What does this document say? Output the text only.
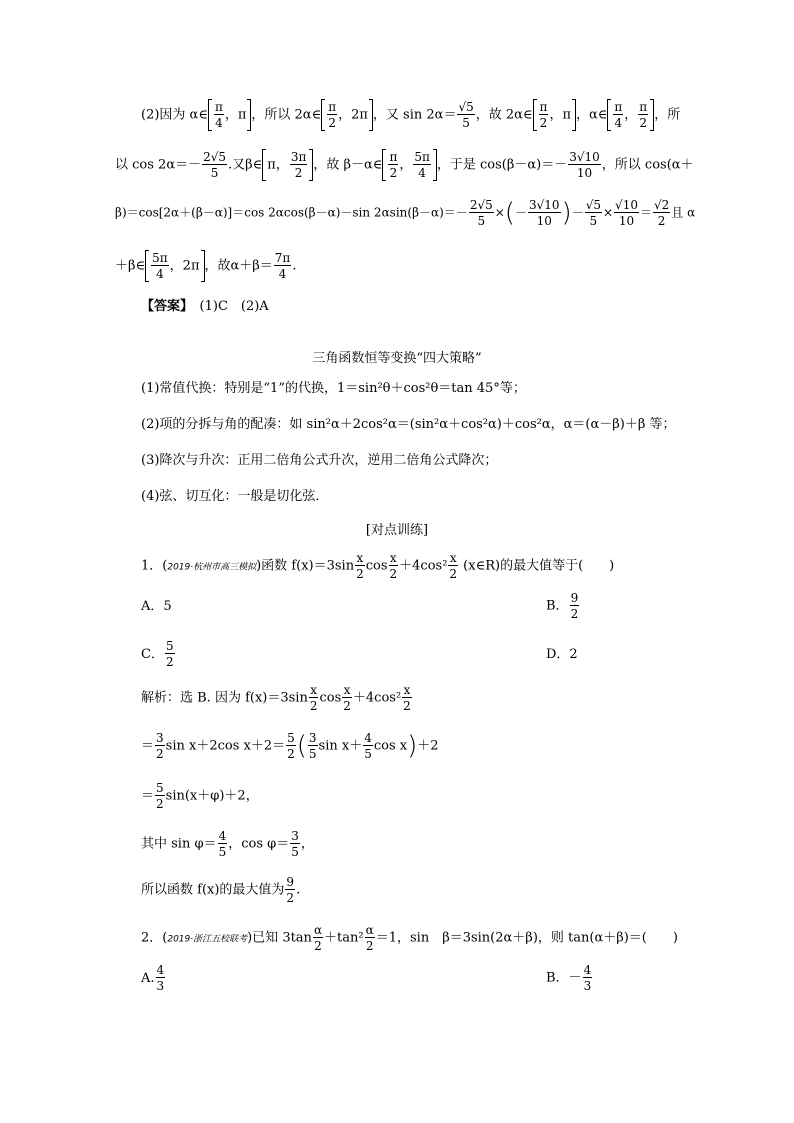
(2)因为 α∈ $\frac{\pi}{4}$ ，π ，所以 2α∈ $\frac{\pi}{2}$ ，2π ，又 $\sin 2\alpha= \frac{√5}{5}$ ，故 2α∈ $\frac{\pi}{2}$ ，π ，α∈ $\frac{\pi}{4}$ ， $\frac{\pi}{2}$ ，所
以 $\cos 2\alpha=- \frac{2√5}{5}$ .又β∈ π， $\frac{3\pi}{2}$ ，故 β－α∈ $\frac{\pi}{2}$ ， $\frac{5\pi}{4}$ ，于是 $\cos(\beta-\alpha)=- \frac{3√10}{10}$ ，所以 cos(α＋
β)＝cos[2α＋(β－α)]＝cos 2αcos(β－α)－sin $2\alpha\sin(\beta-\alpha)=- \frac{2√5}{5}$ ×(－ $\frac{3√10}{10}$ )－ $\frac{√5}{5} \times \frac{√10}{10} = \frac{√2}{2}$ 且 α
＋β∈ $\frac{5\pi}{4}$ ，2π ，故$\alpha+\beta= \frac{7\pi}{4}$ .
【答案】　 (1)C　(2)A
三角函数恒等变换“四大策略”
(1)常值代换：特别是“1”的代换，1＝sin²θ＋cos²θ＝tan 45°等；
(2)项的分拆与角的配凑：如 sin²α＋2cos²α＝(sin²α＋cos²α)＋cos²α，α＝(α－β)＋β 等；
(3)降次与升次：正用二倍角公式升次，逆用二倍角公式降次；
(4)弦、切互化：一般是切化弦．
[对点训练]
1．(2019·杭州市高三模拟)函数 $f(x)=3\sin \frac{x}{2}$ $\cos \frac{x}{2} +4\cos^2 \frac{x}{2}$ (x∈R)的最大值等于(　　)
A．5	B． $\frac{9}{2}$
C． $\frac{5}{2}$	D．2
解析：选 B. 因为 $f(x)=3\sin \frac{x}{2}$ $\cos \frac{x}{2} +4\cos^2 \frac{x}{2}$
＝ $\frac{3}{2}$ sin x＋2cos $x+2= \frac{5}{2}$ ( $\frac{3}{5}$ $\sin x+ \frac{4}{5}$ cos x)＋2
＝ $\frac{5}{2} \sin(x+\varphi)+2$，
其中 $\sin \varphi= \frac{4}{5}$ ，$\cos \varphi= \frac{3}{5}$ ，
所以函数 f(x)的最大值为 $\frac{9}{2}$ .
2．(2019·浙江五校联考)已知 $3\tan \frac{\alpha}{2} +\tan^2 \frac{\alpha}{2} =1$，sin　β＝3sin(2α＋β)，则 tan(α＋β)＝(　　)
A. $\frac{4}{3}$	B．－ $\frac{4}{3}$
